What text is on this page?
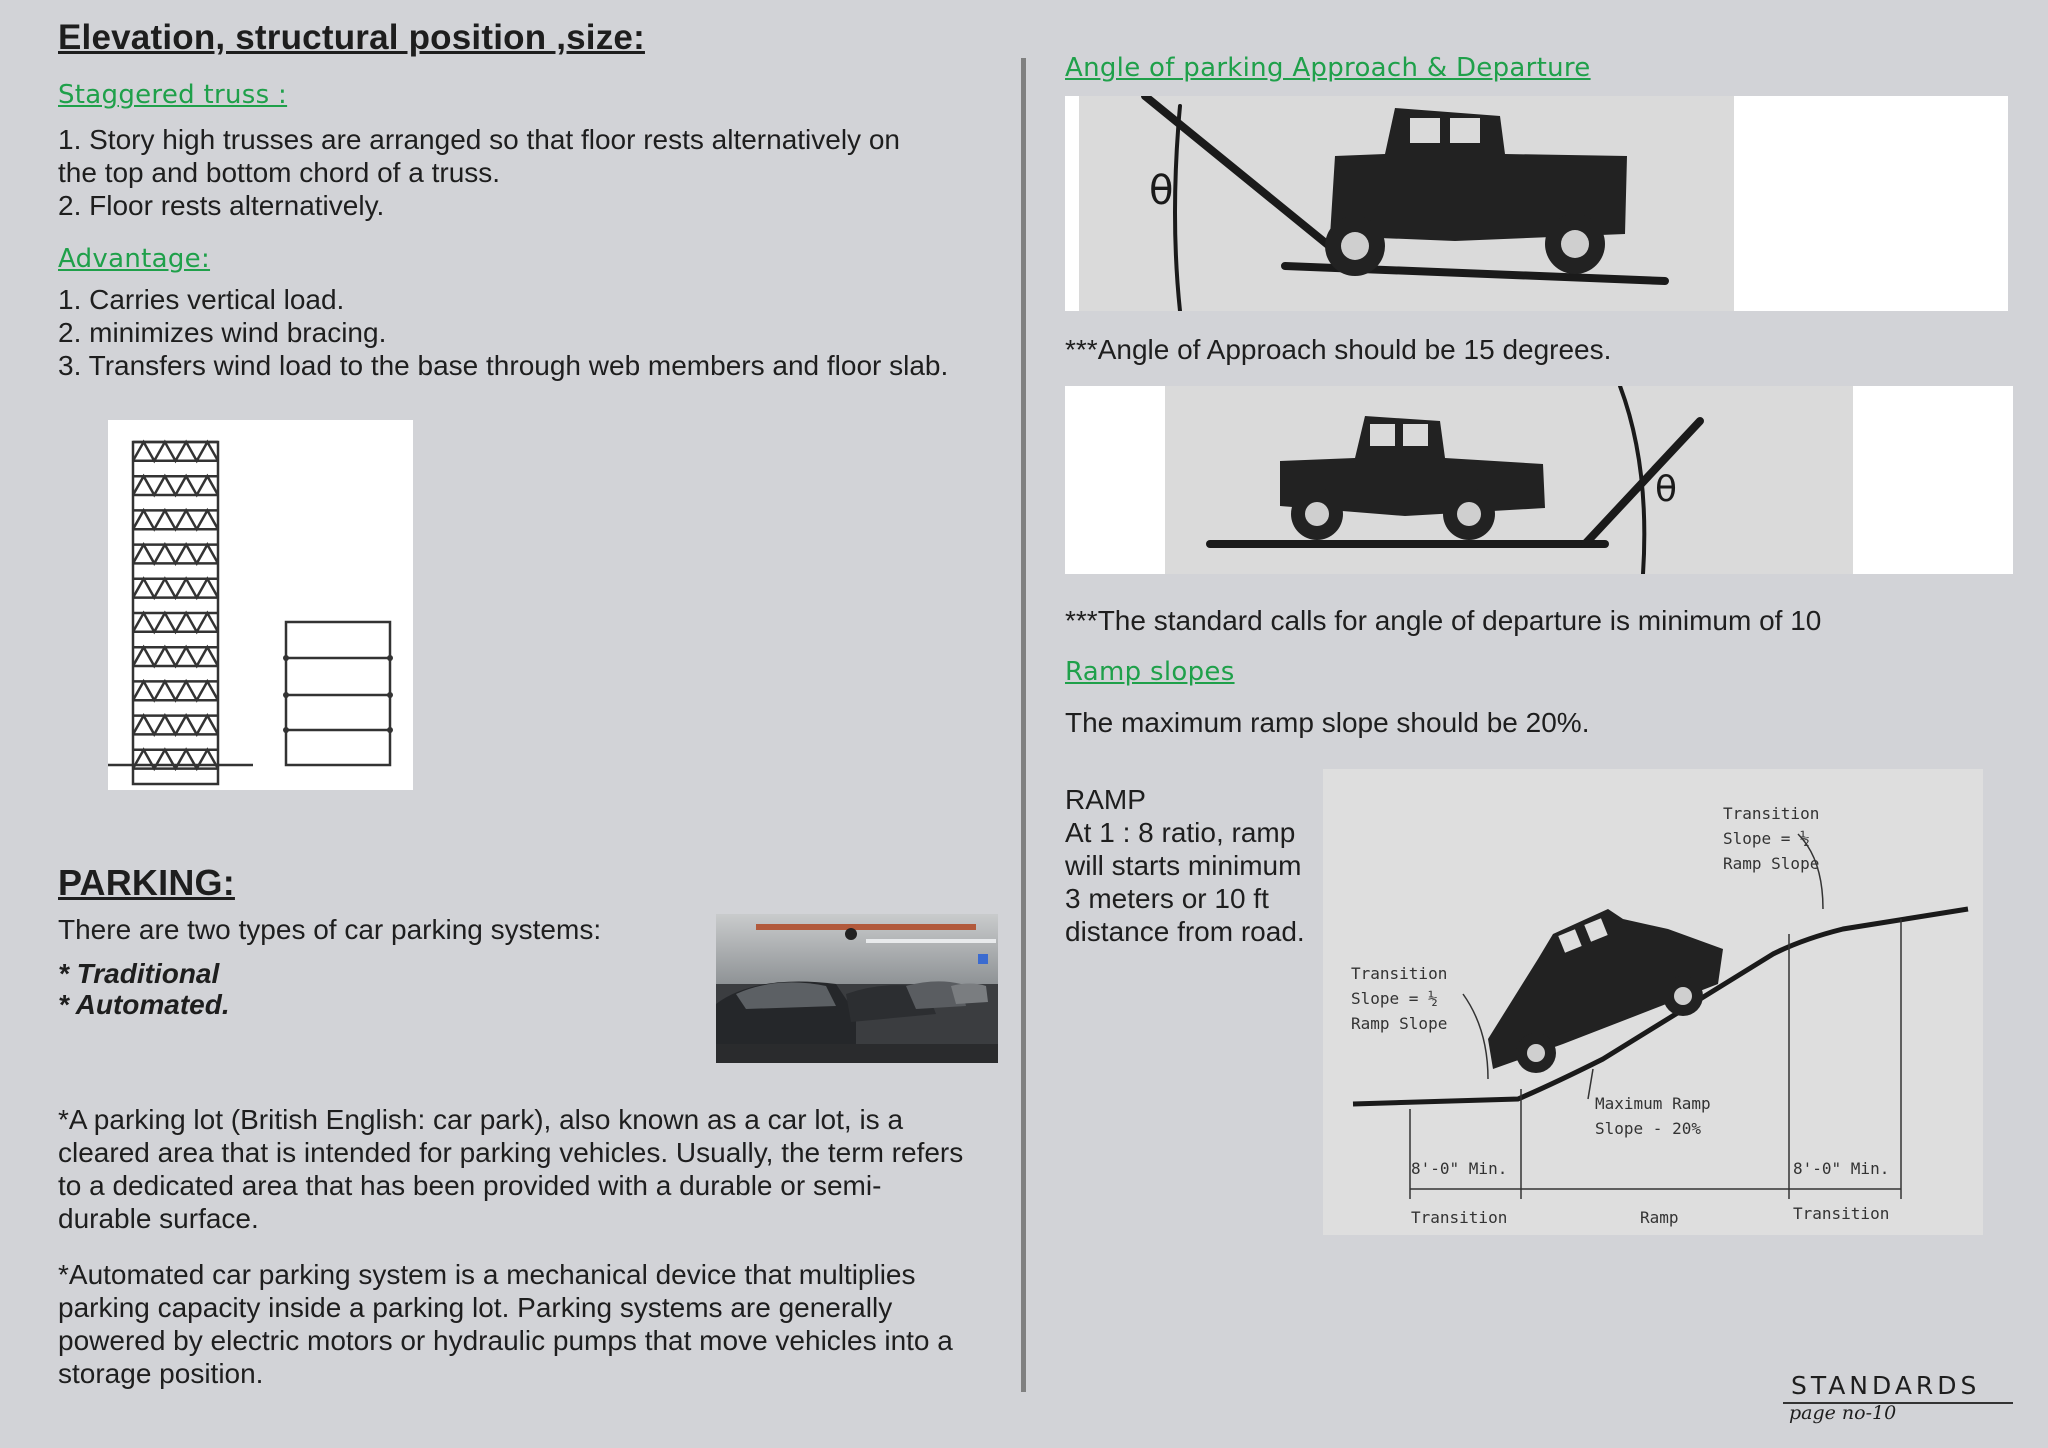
Elevation, structural position ,size:
Staggered truss :
1. Story high trusses are arranged so that floor rests alternatively on
the top and bottom chord of a truss.
2. Floor rests alternatively.
Advantage:
1. Carries vertical load.
2. minimizes wind bracing.
3. Transfers wind load to the base through web members and floor slab.
PARKING:
There are two types of car parking systems:
* Traditional
* Automated.
*A parking lot (British English: car park), also known as a car lot, is a
cleared area that is intended for parking vehicles. Usually, the term refers
to a dedicated area that has been provided with a durable or semi-
durable surface.
*Automated car parking system is a mechanical device that multiplies
parking capacity inside a parking lot. Parking systems are generally
powered by electric motors or hydraulic pumps that move vehicles into a
storage position.
Angle of parking Approach & Departure
θ
***Angle of Approach should be 15 degrees.
θ
***The standard calls for angle of departure is minimum of 10
Ramp slopes
The maximum ramp slope should be 20%.
RAMP
At 1 : 8 ratio, ramp
will starts minimum
3 meters or 10 ft
distance from road.
Transition
Slope = ½
Ramp Slope
Transition
Slope = ½
Ramp Slope
Maximum Ramp
Slope - 20%
8'-0" Min.	8'-0" Min.
Transition	Ramp	Transition
STANDARDS
page no-10
